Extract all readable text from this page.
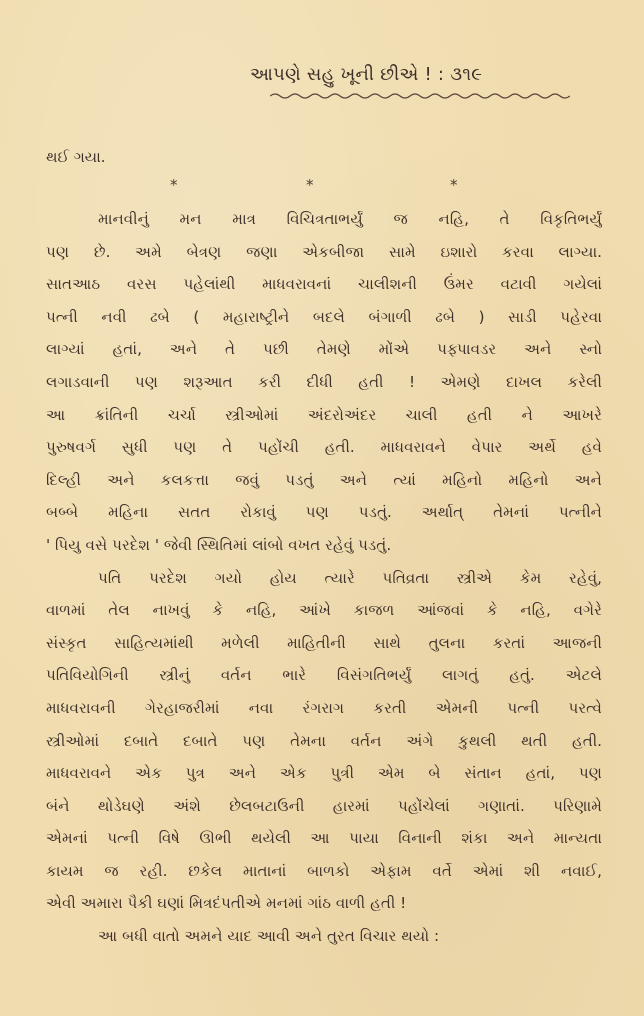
આપણે સહુ ખૂની છીએ ! : ૩૧૯
થઈ ગયા.
*	*	*
માનવીનું મન માત્ર વિચિત્રતાભર્યું જ નહિ, તે વિકૃતિભર્યું
પણ છે. અમે બેત્રણ જણા એકબીજા સામે ઇશારો કરવા લાગ્યા.
સાતઆઠ વરસ પહેલાંથી માધવરાવનાં ચાલીશની ઉંમર વટાવી ગયેલાં
પત્ની નવી ઢબે ( મહારાષ્ટ્રીને બદલે બંગાળી ઢબે ) સાડી પહેરવા
લાગ્યાં હતાં, અને તે પછી તેમણે મોંએ પફ્પાવડર અને સ્નો
લગાડવાની પણ શરૂઆત કરી દીધી હતી ! એમણે દાખલ કરેલી
આ ક્રાંતિની ચર્ચા સ્ત્રીઓમાં અંદરોઅંદર ચાલી હતી ને આખરે
પુરુષવર્ગ સુધી પણ તે પહોંચી હતી. માધવરાવને વેપાર અર્થે હવે
દિલ્હી અને કલકત્તા જવું પડતું અને ત્યાં મહિનો મહિનો અને
બબ્બે મહિના સતત રોકાવું પણ પડતું. અર્થાત્ તેમનાં પત્નીને
' પિયુ વસે પરદેશ ' જેવી સ્થિતિમાં લાંબો વખત રહેવું પડતું.
પતિ પરદેશ ગયો હોય ત્યારે પતિવ્રતા સ્ત્રીએ કેમ રહેવું,
વાળમાં તેલ નાખવું કે નહિ, આંખે કાજળ આંજવાં કે નહિ, વગેરે
સંસ્કૃત સાહિત્યમાંથી મળેલી માહિતીની સાથે તુલના કરતાં આજની
પતિવિયોગિની સ્ત્રીનું વર્તન ભારે વિસંગતિભર્યું લાગતું હતું. એટલે
માધવરાવની ગેરહાજરીમાં નવા રંગરાગ કરતી એમની પત્ની પરત્વે
સ્ત્રીઓમાં દબાતે દબાતે પણ તેમના વર્તન અંગે કુથલી થતી હતી.
માધવરાવને એક પુત્ર અને એક પુત્રી એમ બે સંતાન હતાં, પણ
બંને થોડેઘણે અંશે છેલબટાઉની હારમાં પહોંચેલાં ગણાતાં. પરિણામે
એમનાં પત્ની વિષે ઊભી થયેલી આ પાયા વિનાની શંકા અને માન્યતા
કાયમ જ રહી. છકેલ માતાનાં બાળકો એફામ વર્તે એમાં શી નવાઈ,
એવી અમારા પૈકી ઘણાં મિત્રદંપતીએ મનમાં ગાંઠ વાળી હતી !
આ બધી વાતો અમને યાદ આવી અને તુરત વિચાર થયો :
